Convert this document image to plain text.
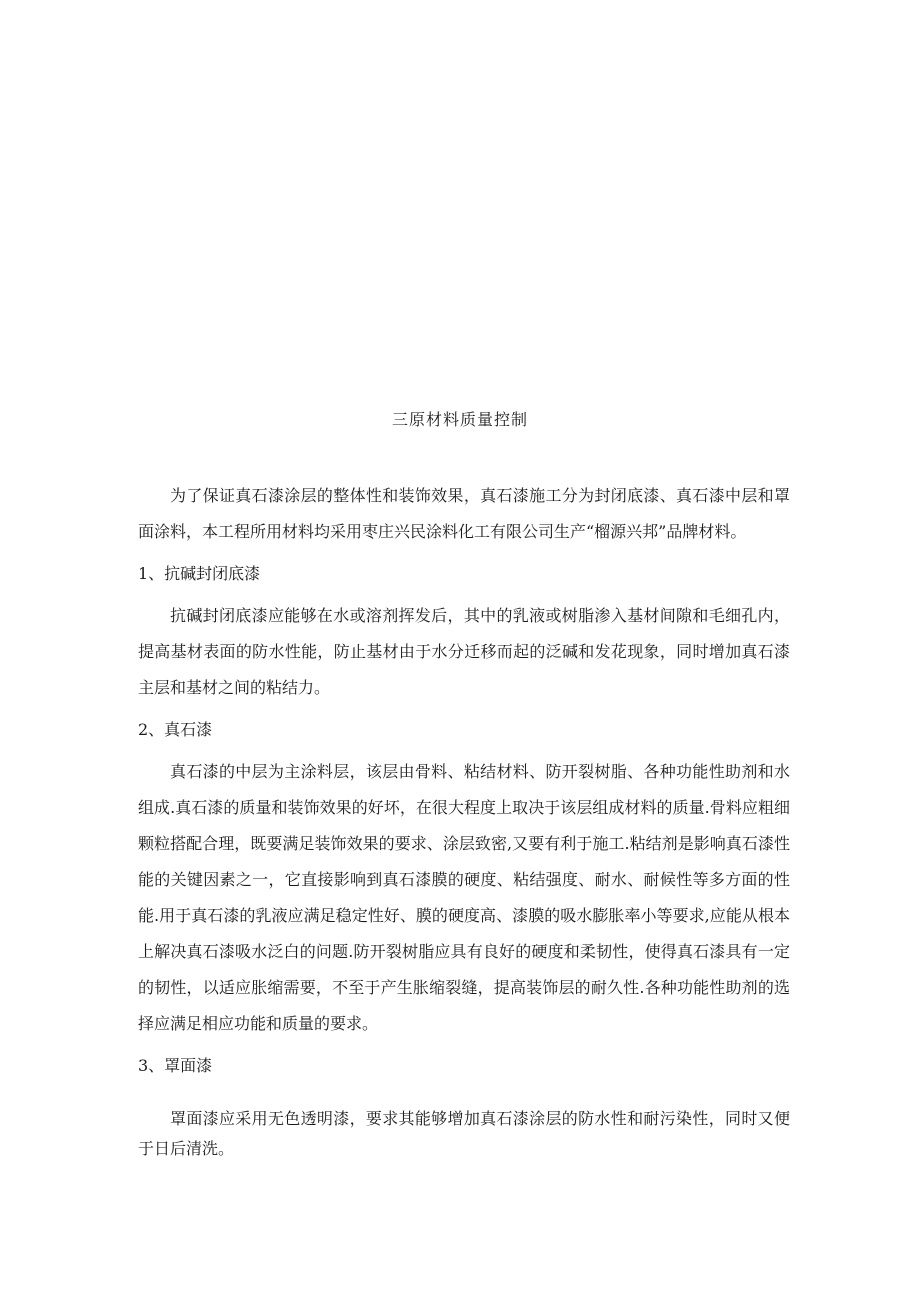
三原材料质量控制

为了保证真石漆涂层的整体性和装饰效果，真石漆施工分为封闭底漆、真石漆中层和罩面涂料，本工程所用材料均采用枣庄兴民涂料化工有限公司生产“榴源兴邦”品牌材料。

1、抗碱封闭底漆

抗碱封闭底漆应能够在水或溶剂挥发后，其中的乳液或树脂渗入基材间隙和毛细孔内，提高基材表面的防水性能，防止基材由于水分迁移而起的泛碱和发花现象，同时增加真石漆主层和基材之间的粘结力。

2、真石漆

真石漆的中层为主涂料层，该层由骨料、粘结材料、防开裂树脂、各种功能性助剂和水组成.真石漆的质量和装饰效果的好坏，在很大程度上取决于该层组成材料的质量.骨料应粗细颗粒搭配合理，既要满足装饰效果的要求、涂层致密,又要有利于施工.粘结剂是影响真石漆性能的关键因素之一，它直接影响到真石漆膜的硬度、粘结强度、耐水、耐候性等多方面的性能.用于真石漆的乳液应满足稳定性好、膜的硬度高、漆膜的吸水膨胀率小等要求,应能从根本上解决真石漆吸水泛白的问题.防开裂树脂应具有良好的硬度和柔韧性，使得真石漆具有一定的韧性，以适应胀缩需要，不至于产生胀缩裂缝，提高装饰层的耐久性.各种功能性助剂的选择应满足相应功能和质量的要求。

3、罩面漆

罩面漆应采用无色透明漆，要求其能够增加真石漆涂层的防水性和耐污染性，同时又便于日后清洗。
